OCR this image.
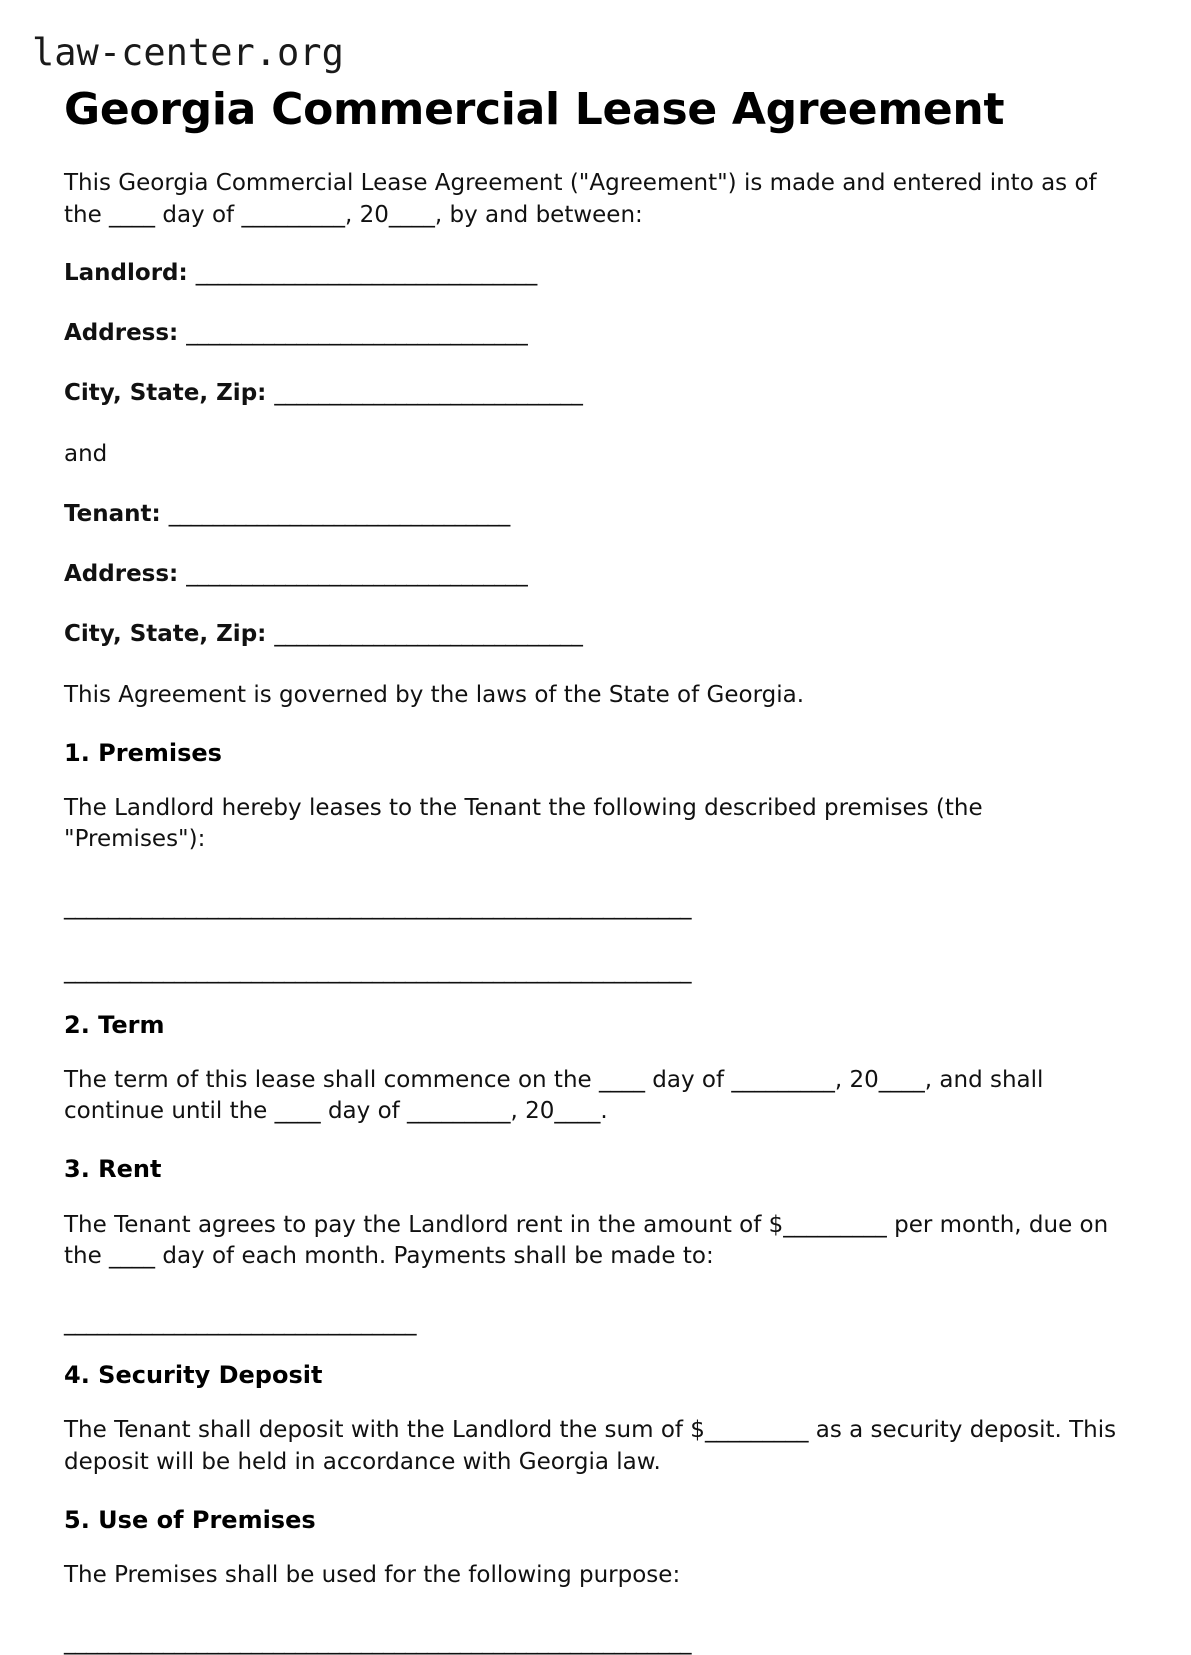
law-center.org
Georgia Commercial Lease Agreement

This Georgia Commercial Lease Agreement ("Agreement") is made and entered into as of the ____ day of _________, 20____, by and between:

Landlord: _______________________________
Address: _______________________________
City, State, Zip: ____________________________

and

Tenant: _______________________________
Address: _______________________________
City, State, Zip: ____________________________

This Agreement is governed by the laws of the State of Georgia.

1. Premises

The Landlord hereby leases to the Tenant the following described premises (the "Premises"):

_________________________________________________________
_________________________________________________________
2. Term

The term of this lease shall commence on the ____ day of _________, 20____, and shall continue until the ____ day of _________, 20____.

3. Rent

The Tenant agrees to pay the Landlord rent in the amount of $_________ per month, due on the ____ day of each month. Payments shall be made to:

________________________________
4. Security Deposit

The Tenant shall deposit with the Landlord the sum of $_________ as a security deposit. This deposit will be held in accordance with Georgia law.

5. Use of Premises

The Premises shall be used for the following purpose:

_________________________________________________________
